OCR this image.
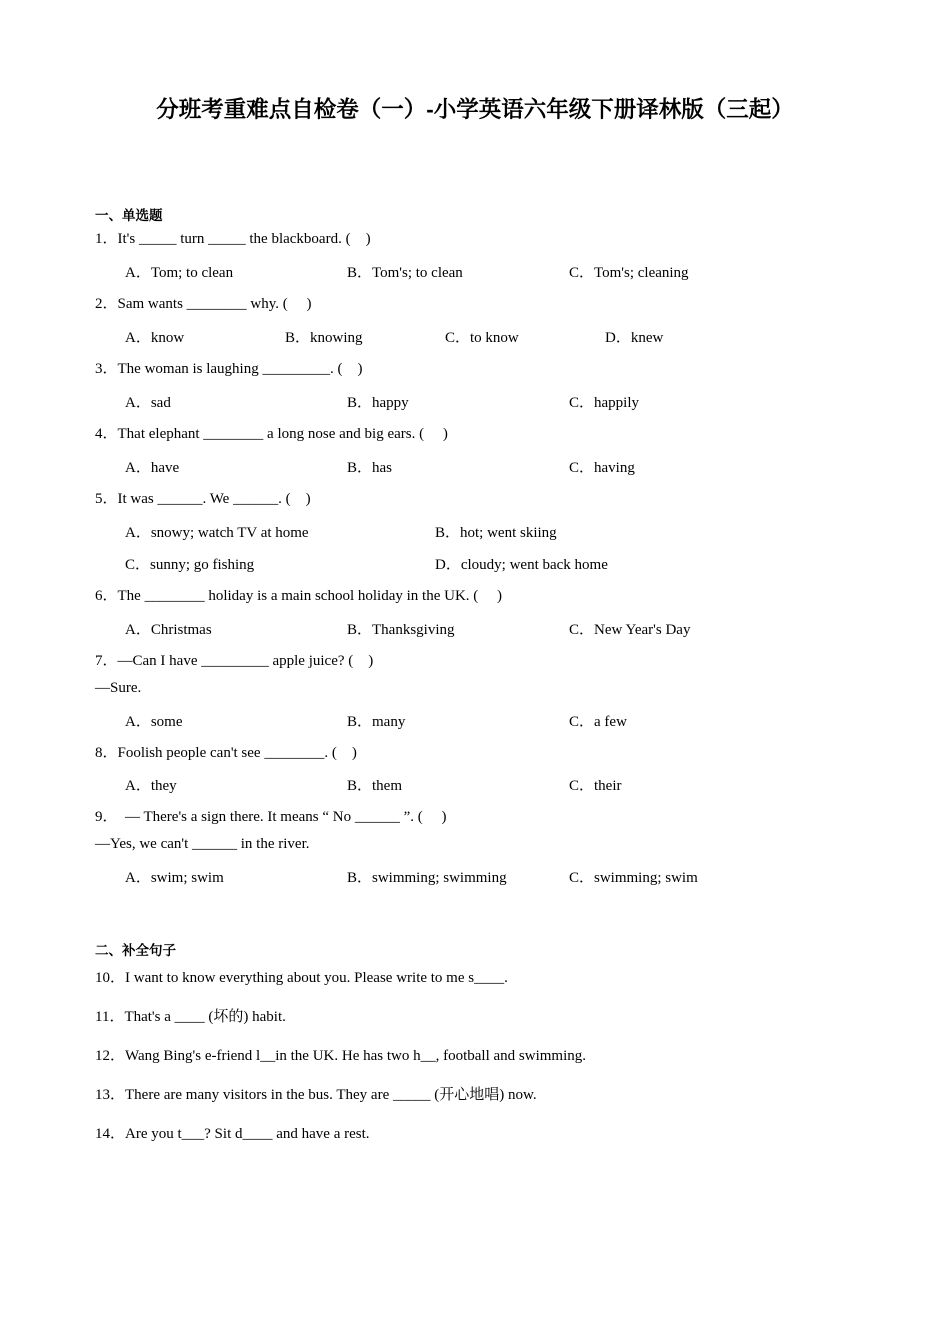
分班考重难点自检卷（一）-小学英语六年级下册译林版（三起）
一、单选题
1．It's _____ turn _____ the blackboard. (    )
A．Tom; to clean	B．Tom's; to clean	C．Tom's; cleaning
2．Sam wants ________ why. (     )
A．know	B．knowing	C．to know	D．knew
3．The woman is laughing _________. (    )
A．sad	B．happy	C．happily
4．That elephant ________ a long nose and big ears. (     )
A．have	B．has	C．having
5．It was ______. We ______. (    )
A．snowy; watch TV at home	B．hot; went skiing
C．sunny; go fishing	D．cloudy; went back home
6．The ________ holiday is a main school holiday in the UK. (     )
A．Christmas	B．Thanksgiving	C．New Year's Day
7．—Can I have _________ apple juice? (    )
—Sure.
A．some	B．many	C．a few
8．Foolish people can't see ________. (    )
A．they	B．them	C．their
9．  — There's a sign there. It means “ No ______ ”. (     )
—Yes, we can't ______ in the river.
A．swim; swim	B．swimming; swimming	C．swimming; swim
二、补全句子
10．I want to know everything about you. Please write to me s____.
11．That's a ____ (坏的) habit.
12．Wang Bing's e-friend l__in the UK. He has two h__, football and swimming.
13．There are many visitors in the bus. They are _____ (开心地唱) now.
14．Are you t___? Sit d____ and have a rest.
